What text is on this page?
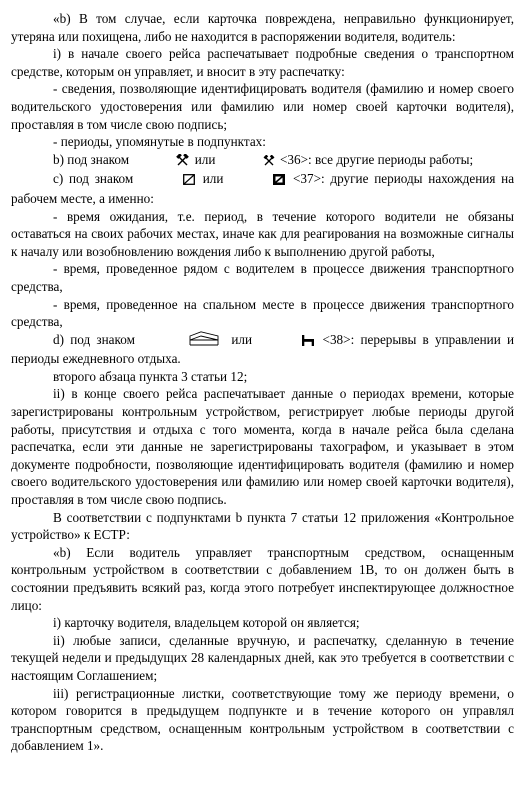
«b) В том случае, если карточка повреждена, неправильно функционирует, утеряна или похищена, либо не находится в распоряжении водителя, водитель:

i) в начале своего рейса распечатывает подробные сведения о транспортном средстве, которым он управляет, и вносит в эту распечатку:

- сведения, позволяющие идентифицировать водителя (фамилию и номер своего водительского удостоверения или фамилию или номер своей карточки водителя), проставляя в том числе свою подпись;

- периоды, упомянутые в подпунктах:

b) под знаком	или	<36>: все другие периоды работы;

c) под знаком	или	<37>: другие периоды нахождения на рабочем месте, а именно:

- время ожидания, т.е. период, в течение которого водители не обязаны оставаться на своих рабочих местах, иначе как для реагирования на возможные сигналы к началу или возобновлению вождения либо к выполнению другой работы,

- время, проведенное рядом с водителем в процессе движения транспортного средства,

- время, проведенное на спальном месте в процессе движения транспортного средства,

d) под знаком	или	<38>: перерывы в управлении и периоды ежедневного отдыха.

второго абзаца пункта 3 статьи 12;

ii) в конце своего рейса распечатывает данные о периодах времени, которые зарегистрированы контрольным устройством, регистрирует любые периоды другой работы, присутствия и отдыха с того момента, когда в начале рейса была сделана распечатка, если эти данные не зарегистрированы тахографом, и указывает в этом документе подробности, позволяющие идентифицировать водителя (фамилию и номер своего водительского удостоверения или фамилию или номер своей карточки водителя), проставляя в том числе свою подпись.

В соответствии с подпунктами b пункта 7 статьи 12 приложения «Контрольное устройство» к ЕСТР:

«b) Если водитель управляет транспортным средством, оснащенным контрольным устройством в соответствии с добавлением 1В, то он должен быть в состоянии предъявить всякий раз, когда этого потребует инспектирующее должностное лицо:

i) карточку водителя, владельцем которой он является;

ii) любые записи, сделанные вручную, и распечатку, сделанную в течение текущей недели и предыдущих 28 календарных дней, как это требуется в соответствии с настоящим Соглашением;

iii) регистрационные листки, соответствующие тому же периоду времени, о котором говорится в предыдущем подпункте и в течение которого он управлял транспортным средством, оснащенным контрольным устройством в соответствии с добавлением 1».
